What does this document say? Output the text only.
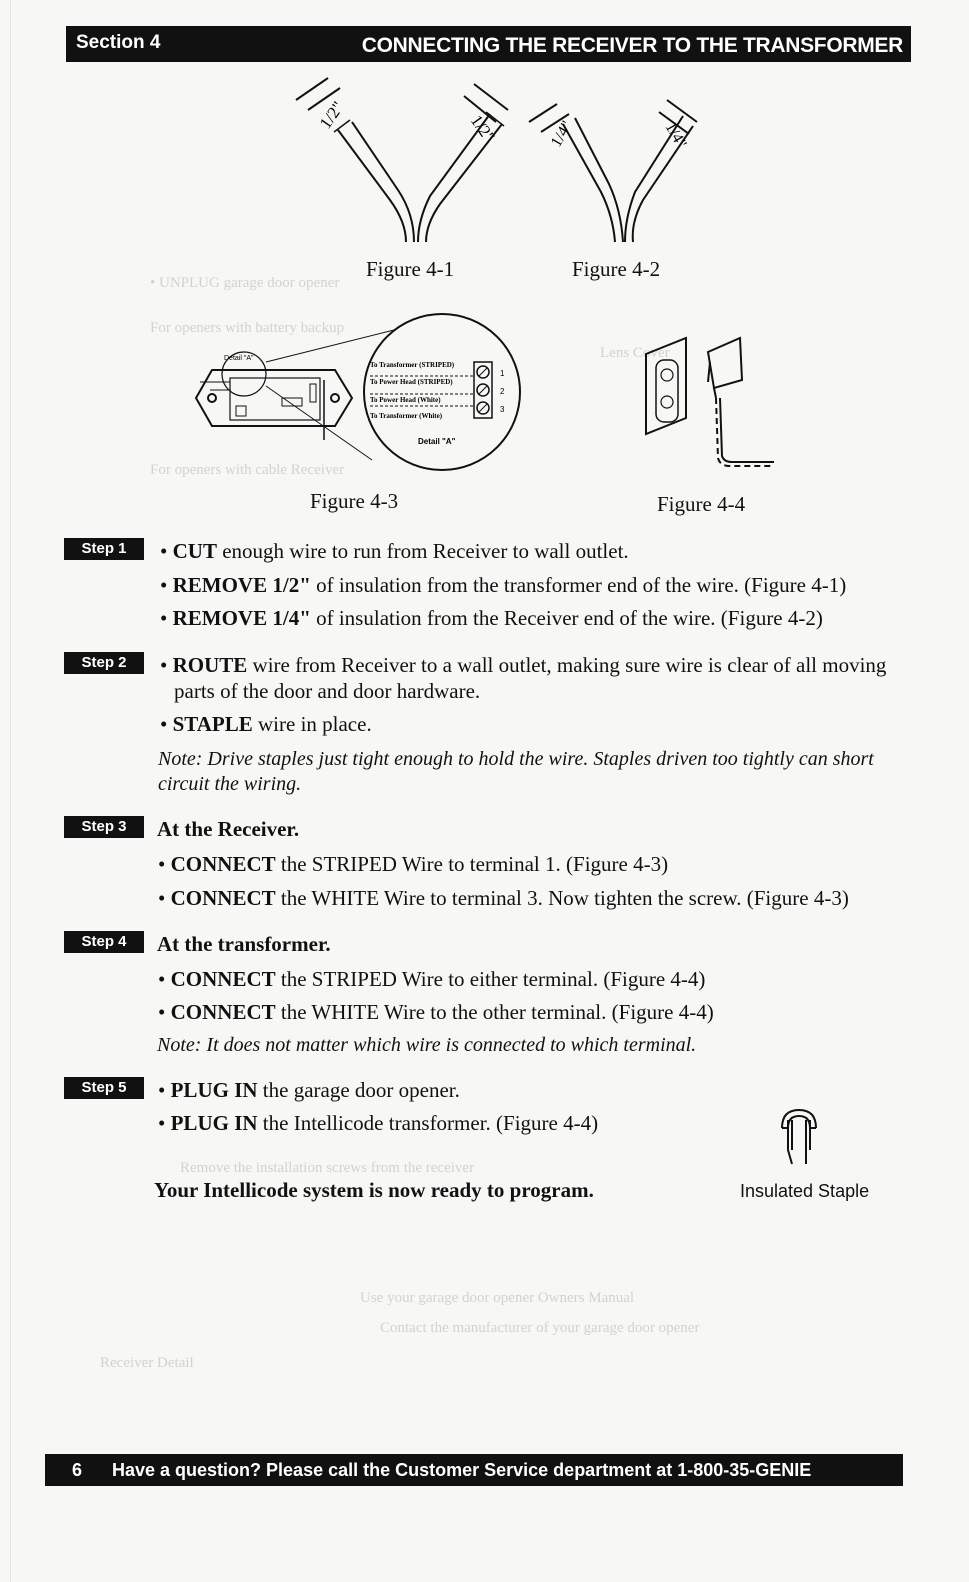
• UNPLUG garage door opener
For openers with battery backup
For openers with cable Receiver
Lens Cover
Remove the installation screws from the receiver
Use your garage door opener Owners Manual
Contact the manufacturer of your garage door opener
Receiver Detail
Section 4	CONNECTING THE RECEIVER TO THE TRANSFORMER
1/2"	1/2"
Figure 4-1
1/4"	1/4"
Figure 4-2
Detail "A"
To Transformer (STRIPED)
To Power Head (STRIPED)
To Power Head (White)
To Transformer (White)
1
2
3
Detail "A"
Figure 4-3	Figure 4-4
Step 1	• CUT enough wire to run from Receiver to wall outlet.
• REMOVE 1/2" of insulation from the transformer end of the wire. (Figure 4-1)
• REMOVE 1/4" of insulation from the Receiver end of the wire. (Figure 4-2)
Step 2	• ROUTE wire from Receiver to a wall outlet, making sure wire is clear of all moving
parts of the door and door hardware.
• STAPLE wire in place.
Note: Drive staples just tight enough to hold the wire. Staples driven too tightly can short
circuit the wiring.
Step 3	At the Receiver.
• CONNECT the STRIPED Wire to terminal 1. (Figure 4-3)
• CONNECT the WHITE Wire to terminal 3. Now tighten the screw. (Figure 4-3)
Step 4	At the transformer.
• CONNECT the STRIPED Wire to either terminal. (Figure 4-4)
• CONNECT the WHITE Wire to the other terminal. (Figure 4-4)
Note: It does not matter which wire is connected to which terminal.
Step 5	• PLUG IN the garage door opener.
• PLUG IN the Intellicode transformer. (Figure 4-4)
Your Intellicode system is now ready to program.	Insulated Staple
6 Have a question? Please call the Customer Service department at 1-800-35-GENIE
